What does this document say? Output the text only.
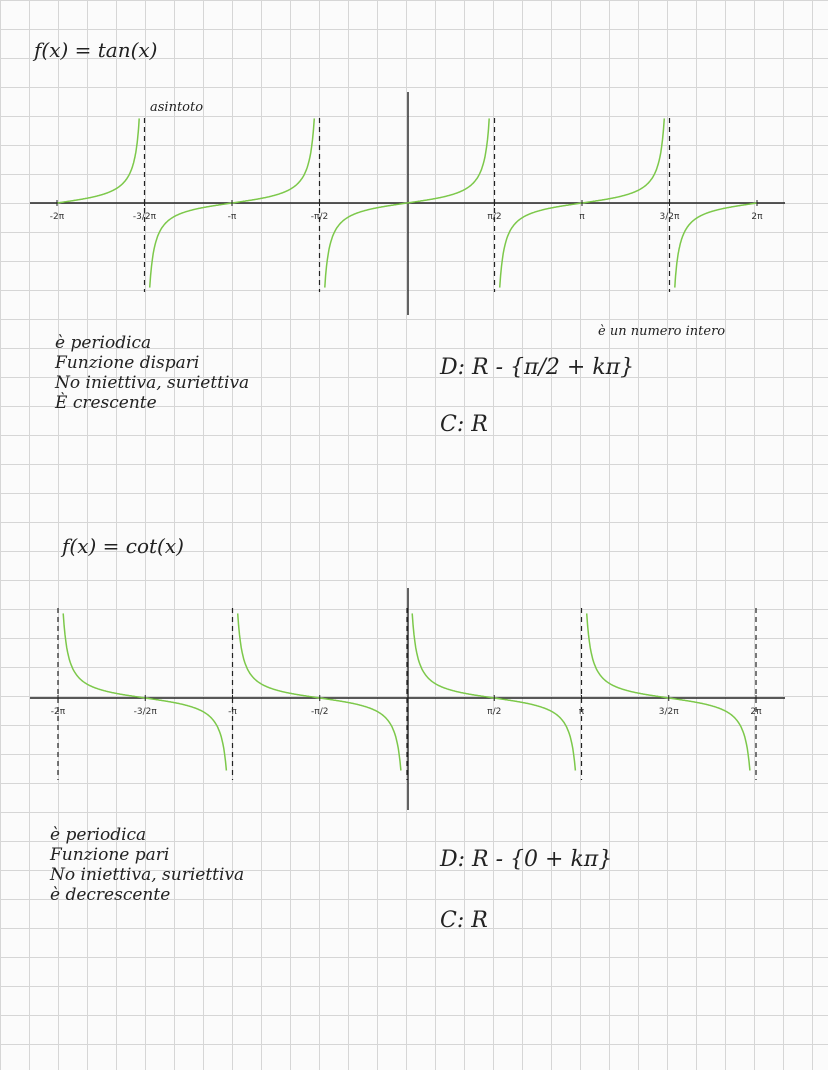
f(x) = tan(x)
-2π	-3/2π	-π	-π/2	π/2	π	3/2π	2π
asintoto
è periodica
Funzione dispari
No iniettiva, suriettiva
È crescente
è un numero intero
D: R - {π/2 + kπ}
C: R
f(x) = cot(x)
-2π	-3/2π	-π	-π/2	π/2	π	3/2π	2π
è periodica
Funzione pari
No iniettiva, suriettiva
è decrescente
D: R - {0 + kπ}
C: R
